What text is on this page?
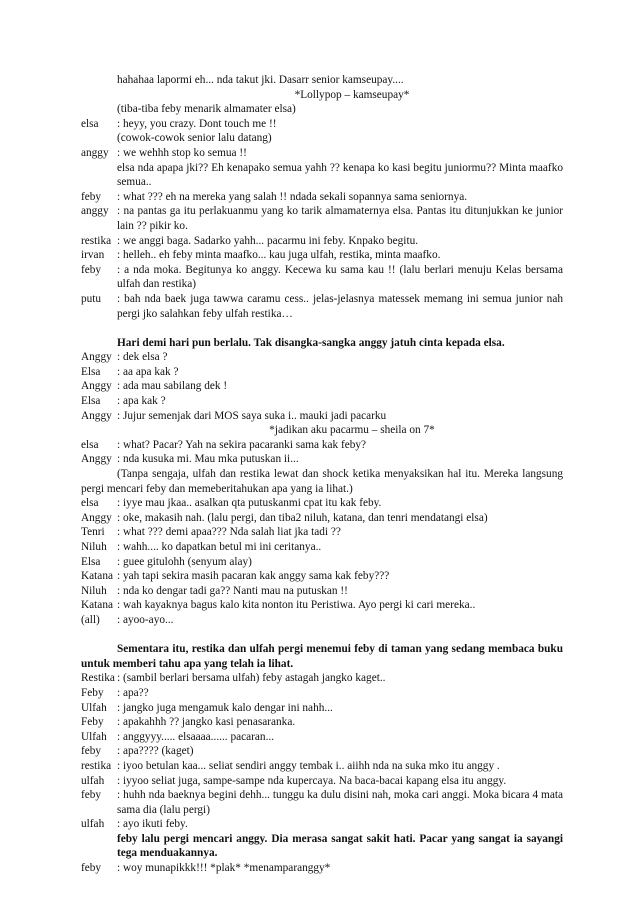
hahahaa lapormi eh... nda takut jki. Dasarr senior kamseupay....
*Lollypop – kamseupay*
(tiba-tiba feby menarik almamater elsa)
elsa	: heyy, you crazy. Dont touch me !!
(cowok-cowok senior lalu datang)
anggy : we wehhh stop ko semua !!
elsa nda apapa jki?? Eh kenapako semua yahh ?? kenapa ko kasi begitu juniormu?? Minta maafko semua..
feby	: what ??? eh na mereka yang salah !! ndada sekali sopannya sama seniornya.
anggy : na pantas ga itu perlakuanmu yang ko tarik almamaternya elsa. Pantas itu ditunjukkan ke junior lain ?? pikir ko.
restika : we anggi baga. Sadarko yahh... pacarmu ini feby. Knpako begitu.
irvan	: helleh.. eh feby minta maafko... kau juga ulfah, restika, minta maafko.
feby	: a nda moka. Begitunya ko anggy. Kecewa ku sama kau !! (lalu berlari menuju Kelas bersama ulfah dan restika)
putu	: bah nda baek juga tawwa caramu cess.. jelas-jelasnya matessek memang ini semua junior nah pergi jko salahkan feby ulfah restika…
Hari demi hari pun berlalu. Tak disangka-sangka anggy jatuh cinta kepada elsa.
Anggy : dek elsa ?
Elsa	: aa apa kak ?
Anggy : ada mau sabilang dek !
Elsa	: apa kak ?
Anggy : Jujur semenjak dari MOS saya suka i.. mauki jadi pacarku
*jadikan aku pacarmu – sheila on 7*
elsa	: what? Pacar? Yah na sekira pacaranki sama kak feby?
Anggy : nda kusuka mi. Mau mka putuskan ii...
(Tanpa sengaja, ulfah dan restika lewat dan shock ketika menyaksikan hal itu. Mereka langsung pergi mencari feby dan memeberitahukan apa yang ia lihat.)
elsa	: iyye mau jkaa.. asalkan qta putuskanmi cpat itu kak feby.
Anggy : oke, makasih nah. (lalu pergi, dan tiba2 niluh, katana, dan tenri mendatangi elsa)
Tenri	: what ??? demi apaa??? Nda salah liat jka tadi ??
Niluh : wahh.... ko dapatkan betul mi ini ceritanya..
Elsa	: guee gitulohh (senyum alay)
Katana : yah tapi sekira masih pacaran kak anggy sama kak feby???
Niluh : nda ko dengar tadi ga?? Nanti mau na putuskan !!
Katana : wah kayaknya bagus kalo kita nonton itu Peristiwa. Ayo pergi ki cari mereka..
(all)	: ayoo-ayo...
Sementara itu, restika dan ulfah pergi menemui feby di taman yang sedang membaca buku untuk memberi tahu apa yang telah ia lihat.
Restika : (sambil berlari bersama ulfah) feby astagah jangko kaget..
Feby	: apa??
Ulfah : jangko juga mengamuk kalo dengar ini nahh...
Feby	: apakahhh ?? jangko kasi penasaranka.
Ulfah : anggyyy..... elsaaaa...... pacaran...
feby	: apa???? (kaget)
restika : iyoo betulan kaa... seliat sendiri anggy tembak i.. aiihh nda na suka mko itu anggy .
ulfah	: iyyoo seliat juga, sampe-sampe nda kupercaya. Na baca-bacai kapang elsa itu anggy.
feby	: huhh nda baeknya begini dehh... tunggu ka dulu disini nah, moka cari anggi. Moka bicara 4 mata sama dia (lalu pergi)
ulfah	: ayo ikuti feby.
feby lalu pergi mencari anggy. Dia merasa sangat sakit hati. Pacar yang sangat ia sayangi tega menduakannya.
feby	: woy munapikkk!!! *plak* *menamparanggy*
